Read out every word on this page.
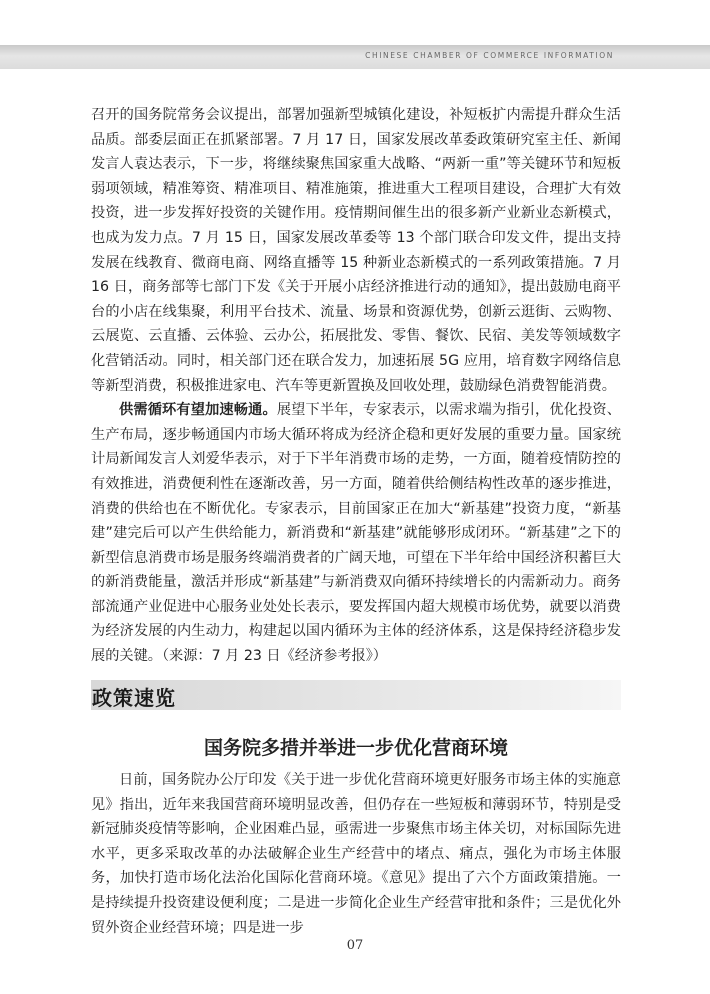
CHINESE CHAMBER OF COMMERCE INFORMATION

召开的国务院常务会议提出，部署加强新型城镇化建设，补短板扩内需提升群众生活品质。部委层面正在抓紧部署。7 月 17 日，国家发展改革委政策研究室主任、新闻发言人袁达表示，下一步，将继续聚焦国家重大战略、“两新一重”等关键环节和短板弱项领域，精准筹资、精准项目、精准施策，推进重大工程项目建设，合理扩大有效投资，进一步发挥好投资的关键作用。疫情期间催生出的很多新产业新业态新模式，也成为发力点。7 月 15 日，国家发展改革委等 13 个部门联合印发文件，提出支持发展在线教育、微商电商、网络直播等 15 种新业态新模式的一系列政策措施。7 月 16 日，商务部等七部门下发《关于开展小店经济推进行动的通知》，提出鼓励电商平台的小店在线集聚，利用平台技术、流量、场景和资源优势，创新云逛街、云购物、云展览、云直播、云体验、云办公，拓展批发、零售、餐饮、民宿、美发等领域数字化营销活动。同时，相关部门还在联合发力，加速拓展 5G 应用，培育数字网络信息等新型消费，积极推进家电、汽车等更新置换及回收处理，鼓励绿色消费智能消费。

供需循环有望加速畅通。展望下半年，专家表示，以需求端为指引，优化投资、生产布局，逐步畅通国内市场大循环将成为经济企稳和更好发展的重要力量。国家统计局新闻发言人刘爱华表示，对于下半年消费市场的走势，一方面，随着疫情防控的有效推进，消费便利性在逐渐改善，另一方面，随着供给侧结构性改革的逐步推进，消费的供给也在不断优化。专家表示，目前国家正在加大“新基建”投资力度，“新基建”建完后可以产生供给能力，新消费和“新基建”就能够形成闭环。“新基建”之下的新型信息消费市场是服务终端消费者的广阔天地，可望在下半年给中国经济积蓄巨大的新消费能量，激活并形成“新基建”与新消费双向循环持续增长的内需新动力。商务部流通产业促进中心服务业处处长表示，要发挥国内超大规模市场优势，就要以消费为经济发展的内生动力，构建起以国内循环为主体的经济体系，这是保持经济稳步发展的关键。（来源：7 月 23 日《经济参考报》）

政策速览
国务院多措并举进一步优化营商环境

日前，国务院办公厅印发《关于进一步优化营商环境更好服务市场主体的实施意见》指出，近年来我国营商环境明显改善，但仍存在一些短板和薄弱环节，特别是受新冠肺炎疫情等影响，企业困难凸显，亟需进一步聚焦市场主体关切，对标国际先进水平，更多采取改革的办法破解企业生产经营中的堵点、痛点，强化为市场主体服务，加快打造市场化法治化国际化营商环境。《意见》提出了六个方面政策措施。一是持续提升投资建设便利度；二是进一步简化企业生产经营审批和条件；三是优化外贸外资企业经营环境；四是进一步

07
